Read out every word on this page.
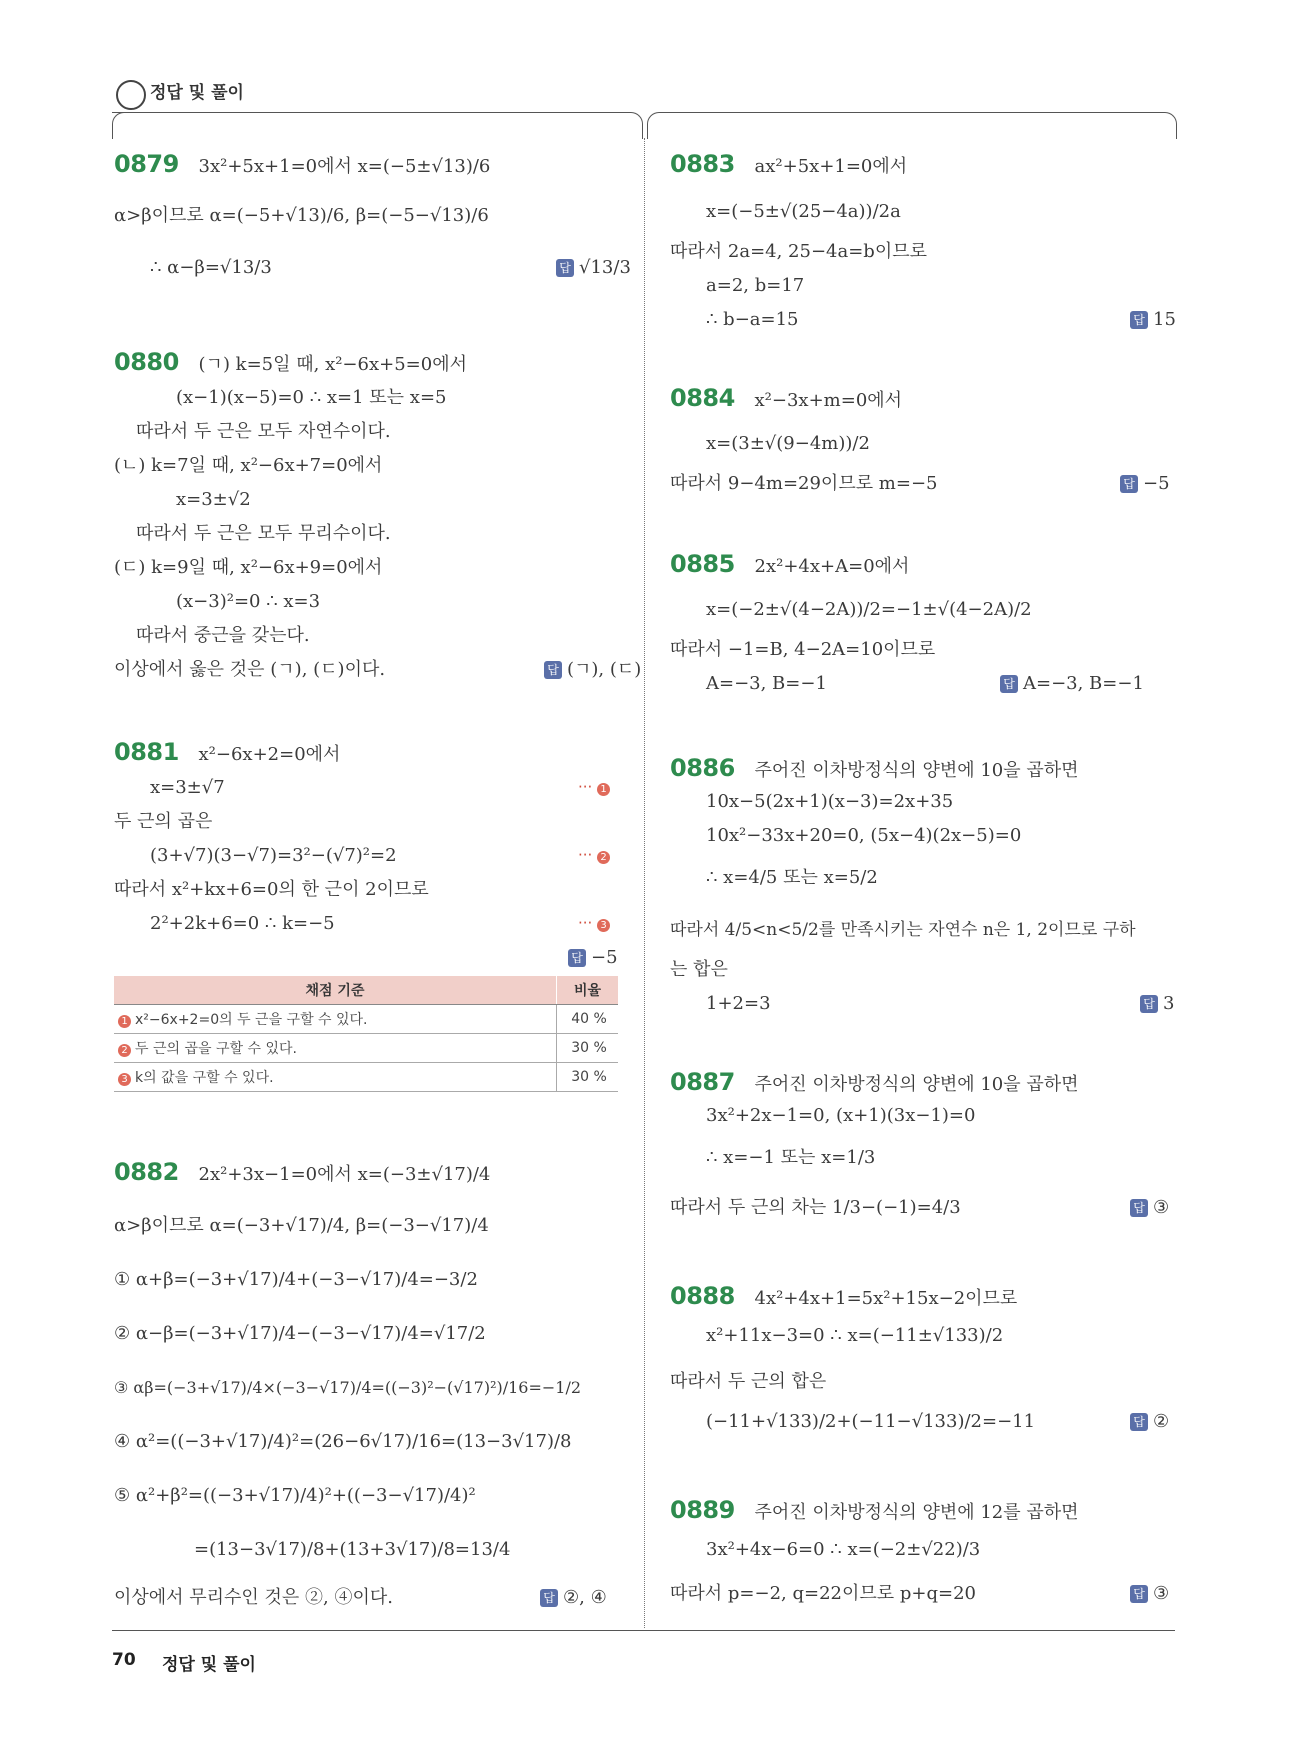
정답 및 풀이
0879 3x²+5x+1=0에서 x=(−5±√13)/6
α>β이므로 α=(−5+√13)/6, β=(−5−√13)/6
∴ α−β=√13/3	답 √13/3
0880 (ㄱ) k=5일 때, x²−6x+5=0에서
(x−1)(x−5)=0 ∴ x=1 또는 x=5
따라서 두 근은 모두 자연수이다.
(ㄴ) k=7일 때, x²−6x+7=0에서
x=3±√2
따라서 두 근은 모두 무리수이다.
(ㄷ) k=9일 때, x²−6x+9=0에서
(x−3)²=0 ∴ x=3
따라서 중근을 갖는다.
이상에서 옳은 것은 (ㄱ), (ㄷ)이다.	답 (ㄱ), (ㄷ)
0881 x²−6x+2=0에서
x=3±√7	··· 1
두 근의 곱은
(3+√7)(3−√7)=3²−(√7)²=2	··· 2
따라서 x²+kx+6=0의 한 근이 2이므로
2²+2k+6=0 ∴ k=−5	··· 3
답 −5
채점 기준	비율
1 x²−6x+2=0의 두 근을 구할 수 있다.	40 %
2 두 근의 곱을 구할 수 있다.	30 %
3 k의 값을 구할 수 있다.	30 %
0882 2x²+3x−1=0에서 x=(−3±√17)/4
α>β이므로 α=(−3+√17)/4, β=(−3−√17)/4
① α+β=(−3+√17)/4+(−3−√17)/4=−3/2
② α−β=(−3+√17)/4−(−3−√17)/4=√17/2
③ αβ=(−3+√17)/4×(−3−√17)/4=((−3)²−(√17)²)/16=−1/2
④ α²=((−3+√17)/4)²=(26−6√17)/16=(13−3√17)/8
⑤ α²+β²=((−3+√17)/4)²+((−3−√17)/4)²
=(13−3√17)/8+(13+3√17)/8=13/4
이상에서 무리수인 것은 ②, ④이다.	답 ②, ④
0883 ax²+5x+1=0에서
x=(−5±√(25−4a))/2a
따라서 2a=4, 25−4a=b이므로
a=2, b=17
∴ b−a=15	답 15
0884 x²−3x+m=0에서
x=(3±√(9−4m))/2
따라서 9−4m=29이므로 m=−5	답 −5
0885 2x²+4x+A=0에서
x=(−2±√(4−2A))/2=−1±√(4−2A)/2
따라서 −1=B, 4−2A=10이므로
A=−3, B=−1	답 A=−3, B=−1
0886 주어진 이차방정식의 양변에 10을 곱하면
10x−5(2x+1)(x−3)=2x+35
10x²−33x+20=0, (5x−4)(2x−5)=0
∴ x=4/5 또는 x=5/2
따라서 4/5<n<5/2를 만족시키는 자연수 n은 1, 2이므로 구하
는 합은
1+2=3	답 3
0887 주어진 이차방정식의 양변에 10을 곱하면
3x²+2x−1=0, (x+1)(3x−1)=0
∴ x=−1 또는 x=1/3
따라서 두 근의 차는 1/3−(−1)=4/3	답 ③
0888 4x²+4x+1=5x²+15x−2이므로
x²+11x−3=0 ∴ x=(−11±√133)/2
따라서 두 근의 합은
(−11+√133)/2+(−11−√133)/2=−11	답 ②
0889 주어진 이차방정식의 양변에 12를 곱하면
3x²+4x−6=0 ∴ x=(−2±√22)/3
따라서 p=−2, q=22이므로 p+q=20	답 ③
70 정답 및 풀이
